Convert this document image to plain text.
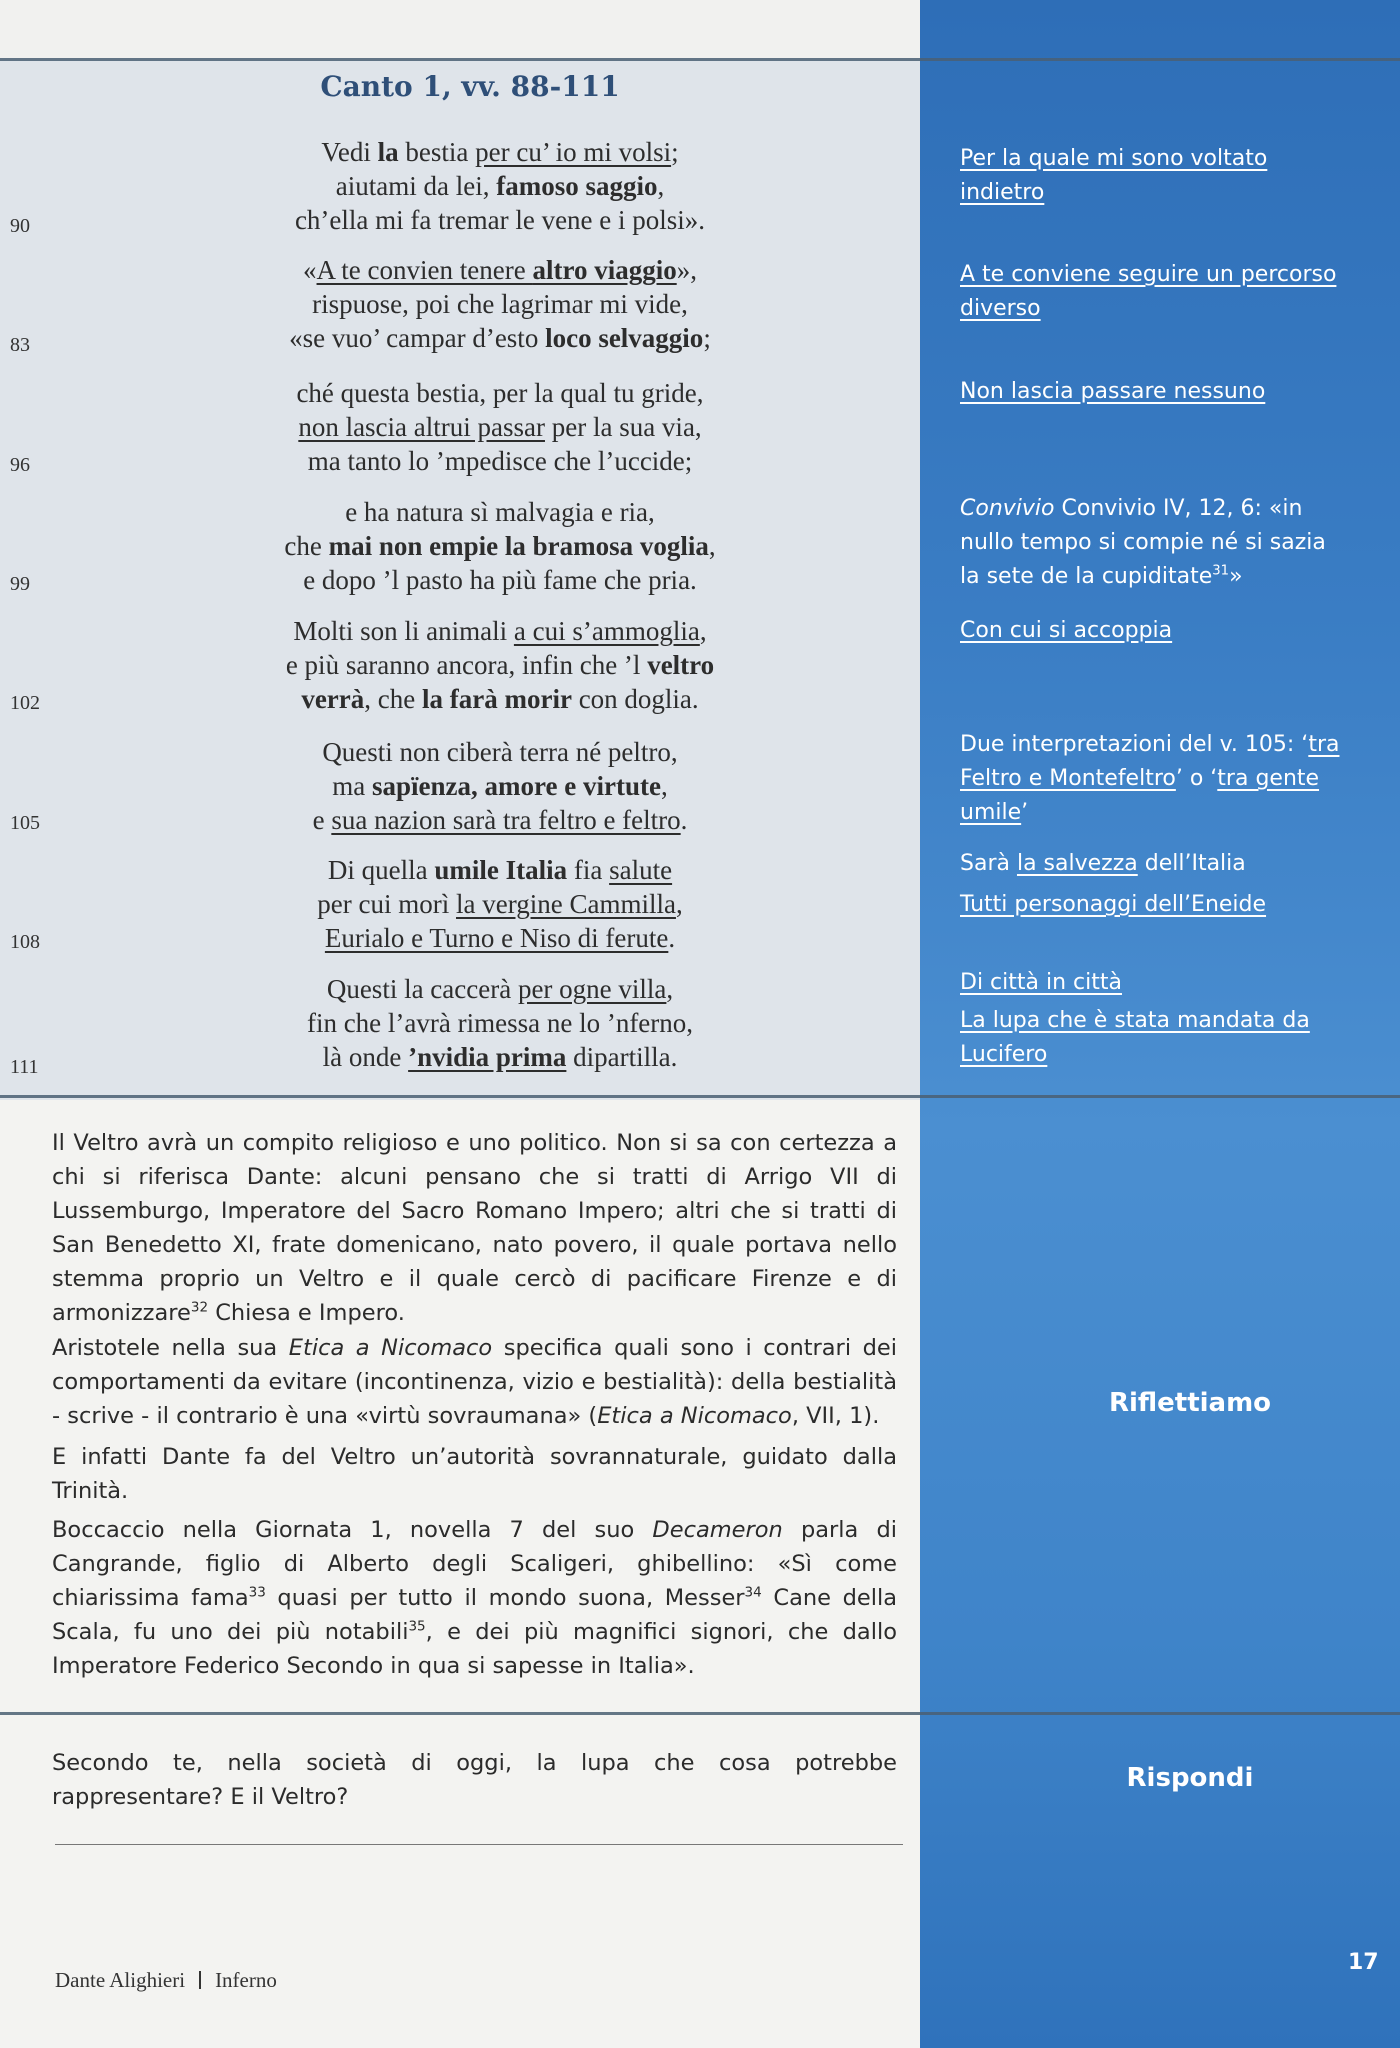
Canto 1, vv. 88-111
Vedi la bestia per cu’ io mi volsi;
aiutami da lei, famoso saggio,
ch’ella mi fa tremar le vene e i polsi».
«A te convien tenere altro viaggio»,
rispuose, poi che lagrimar mi vide,
«se vuo’ campar d’esto loco selvaggio;
ché questa bestia, per la qual tu gride,
non lascia altrui passar per la sua via,
ma tanto lo ’mpedisce che l’uccide;
e ha natura sì malvagia e ria,
che mai non empie la bramosa voglia,
e dopo ’l pasto ha più fame che pria.
Molti son li animali a cui s’ammoglia,
e più saranno ancora, infin che ’l veltro
verrà, che la farà morir con doglia.
Questi non ciberà terra né peltro,
ma sapïenza, amore e virtute,
e sua nazion sarà tra feltro e feltro.
Di quella umile Italia fia salute
per cui morì la vergine Cammilla,
Eurialo e Turno e Niso di ferute.
Questi la caccerà per ogne villa,
fin che l’avrà rimessa ne lo ’nferno,
là onde ’nvidia prima dipartilla.
90
83
96
99
102
105
108
111
Per la quale mi sono voltato indietro
A te conviene seguire un percorso diverso
Non lascia passare nessuno
Convivio Convivio IV, 12, 6: «in nullo tempo si compie né si sazia la sete de la cupiditate$^{31}$»
Con cui si accoppia
Due interpretazioni del v. 105: ‘tra Feltro e Montefeltro’ o ‘tra gente umile’
Sarà la salvezza dell’Italia
Tutti personaggi dell’Eneide
Di città in città
La lupa che è stata mandata da Lucifero
Il Veltro avrà un compito religioso e uno politico. Non si sa con certezza a chi si riferisca Dante: alcuni pensano che si tratti di Arrigo VII di Lussemburgo, Imperatore del Sacro Romano Impero; altri che si tratti di San Benedetto XI, frate domenicano, nato povero, il quale portava nello stemma proprio un Veltro e il quale cercò di pacificare Firenze e di armonizzare$^{32}$ Chiesa e Impero.
Aristotele nella sua Etica a Nicomaco specifica quali sono i contrari dei comportamenti da evitare (incontinenza, vizio e bestialità): della bestialità - scrive - il contrario è una «virtù sovraumana» (Etica a Nicomaco, VII, 1).
E infatti Dante fa del Veltro un’autorità sovrannaturale, guidato dalla Trinità.
Boccaccio nella Giornata 1, novella 7 del suo Decameron parla di Cangrande, figlio di Alberto degli Scaligeri, ghibellino: «Sì come chiarissima fama$^{33}$ quasi per tutto il mondo suona, Messer$^{34}$ Cane della Scala, fu uno dei più notabili$^{35}$, e dei più magnifici signori, che dallo Imperatore Federico Secondo in qua si sapesse in Italia».
Riflettiamo
Secondo te, nella società di oggi, la lupa che cosa potrebbe rappresentare? E il Veltro?
Rispondi
Dante Alighieri Inferno
17
